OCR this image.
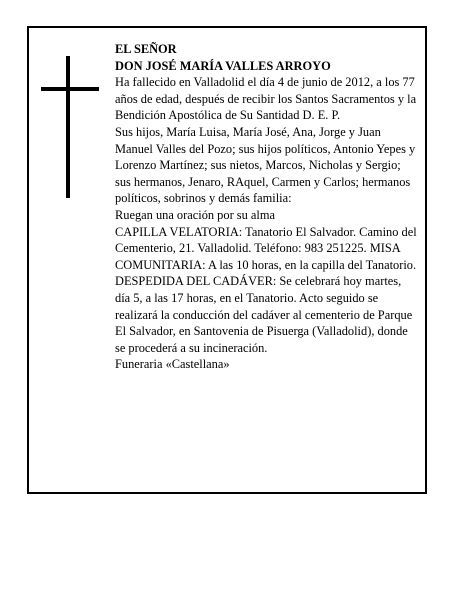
EL SEÑOR

DON JOSÉ MARÍA VALLES ARROYO

Ha fallecido en Valladolid el día 4 de junio de 2012, a los 77 años de edad, después de recibir los Santos Sacramentos y la Bendición Apostólica de Su Santidad D. E. P.

Sus hijos, María Luisa, María José, Ana, Jorge y Juan Manuel Valles del Pozo; sus hijos políticos, Antonio Yepes y Lorenzo Martínez; sus nietos, Marcos, Nicholas y Sergio; sus hermanos, Jenaro, RAquel, Carmen y Carlos; hermanos políticos, sobrinos y demás familia:

Ruegan una oración por su alma

CAPILLA VELATORIA: Tanatorio El Salvador. Camino del Cementerio, 21. Valladolid. Teléfono: 983 251225. MISA COMUNITARIA: A las 10 horas, en la capilla del Tanatorio.

DESPEDIDA DEL CADÁVER: Se celebrará hoy martes, día 5, a las 17 horas, en el Tanatorio. Acto seguido se realizará la conducción del cadáver al cementerio de Parque El Salvador, en Santovenia de Pisuerga (Valladolid), donde se procederá a su incineración.

Funeraria «Castellana»
